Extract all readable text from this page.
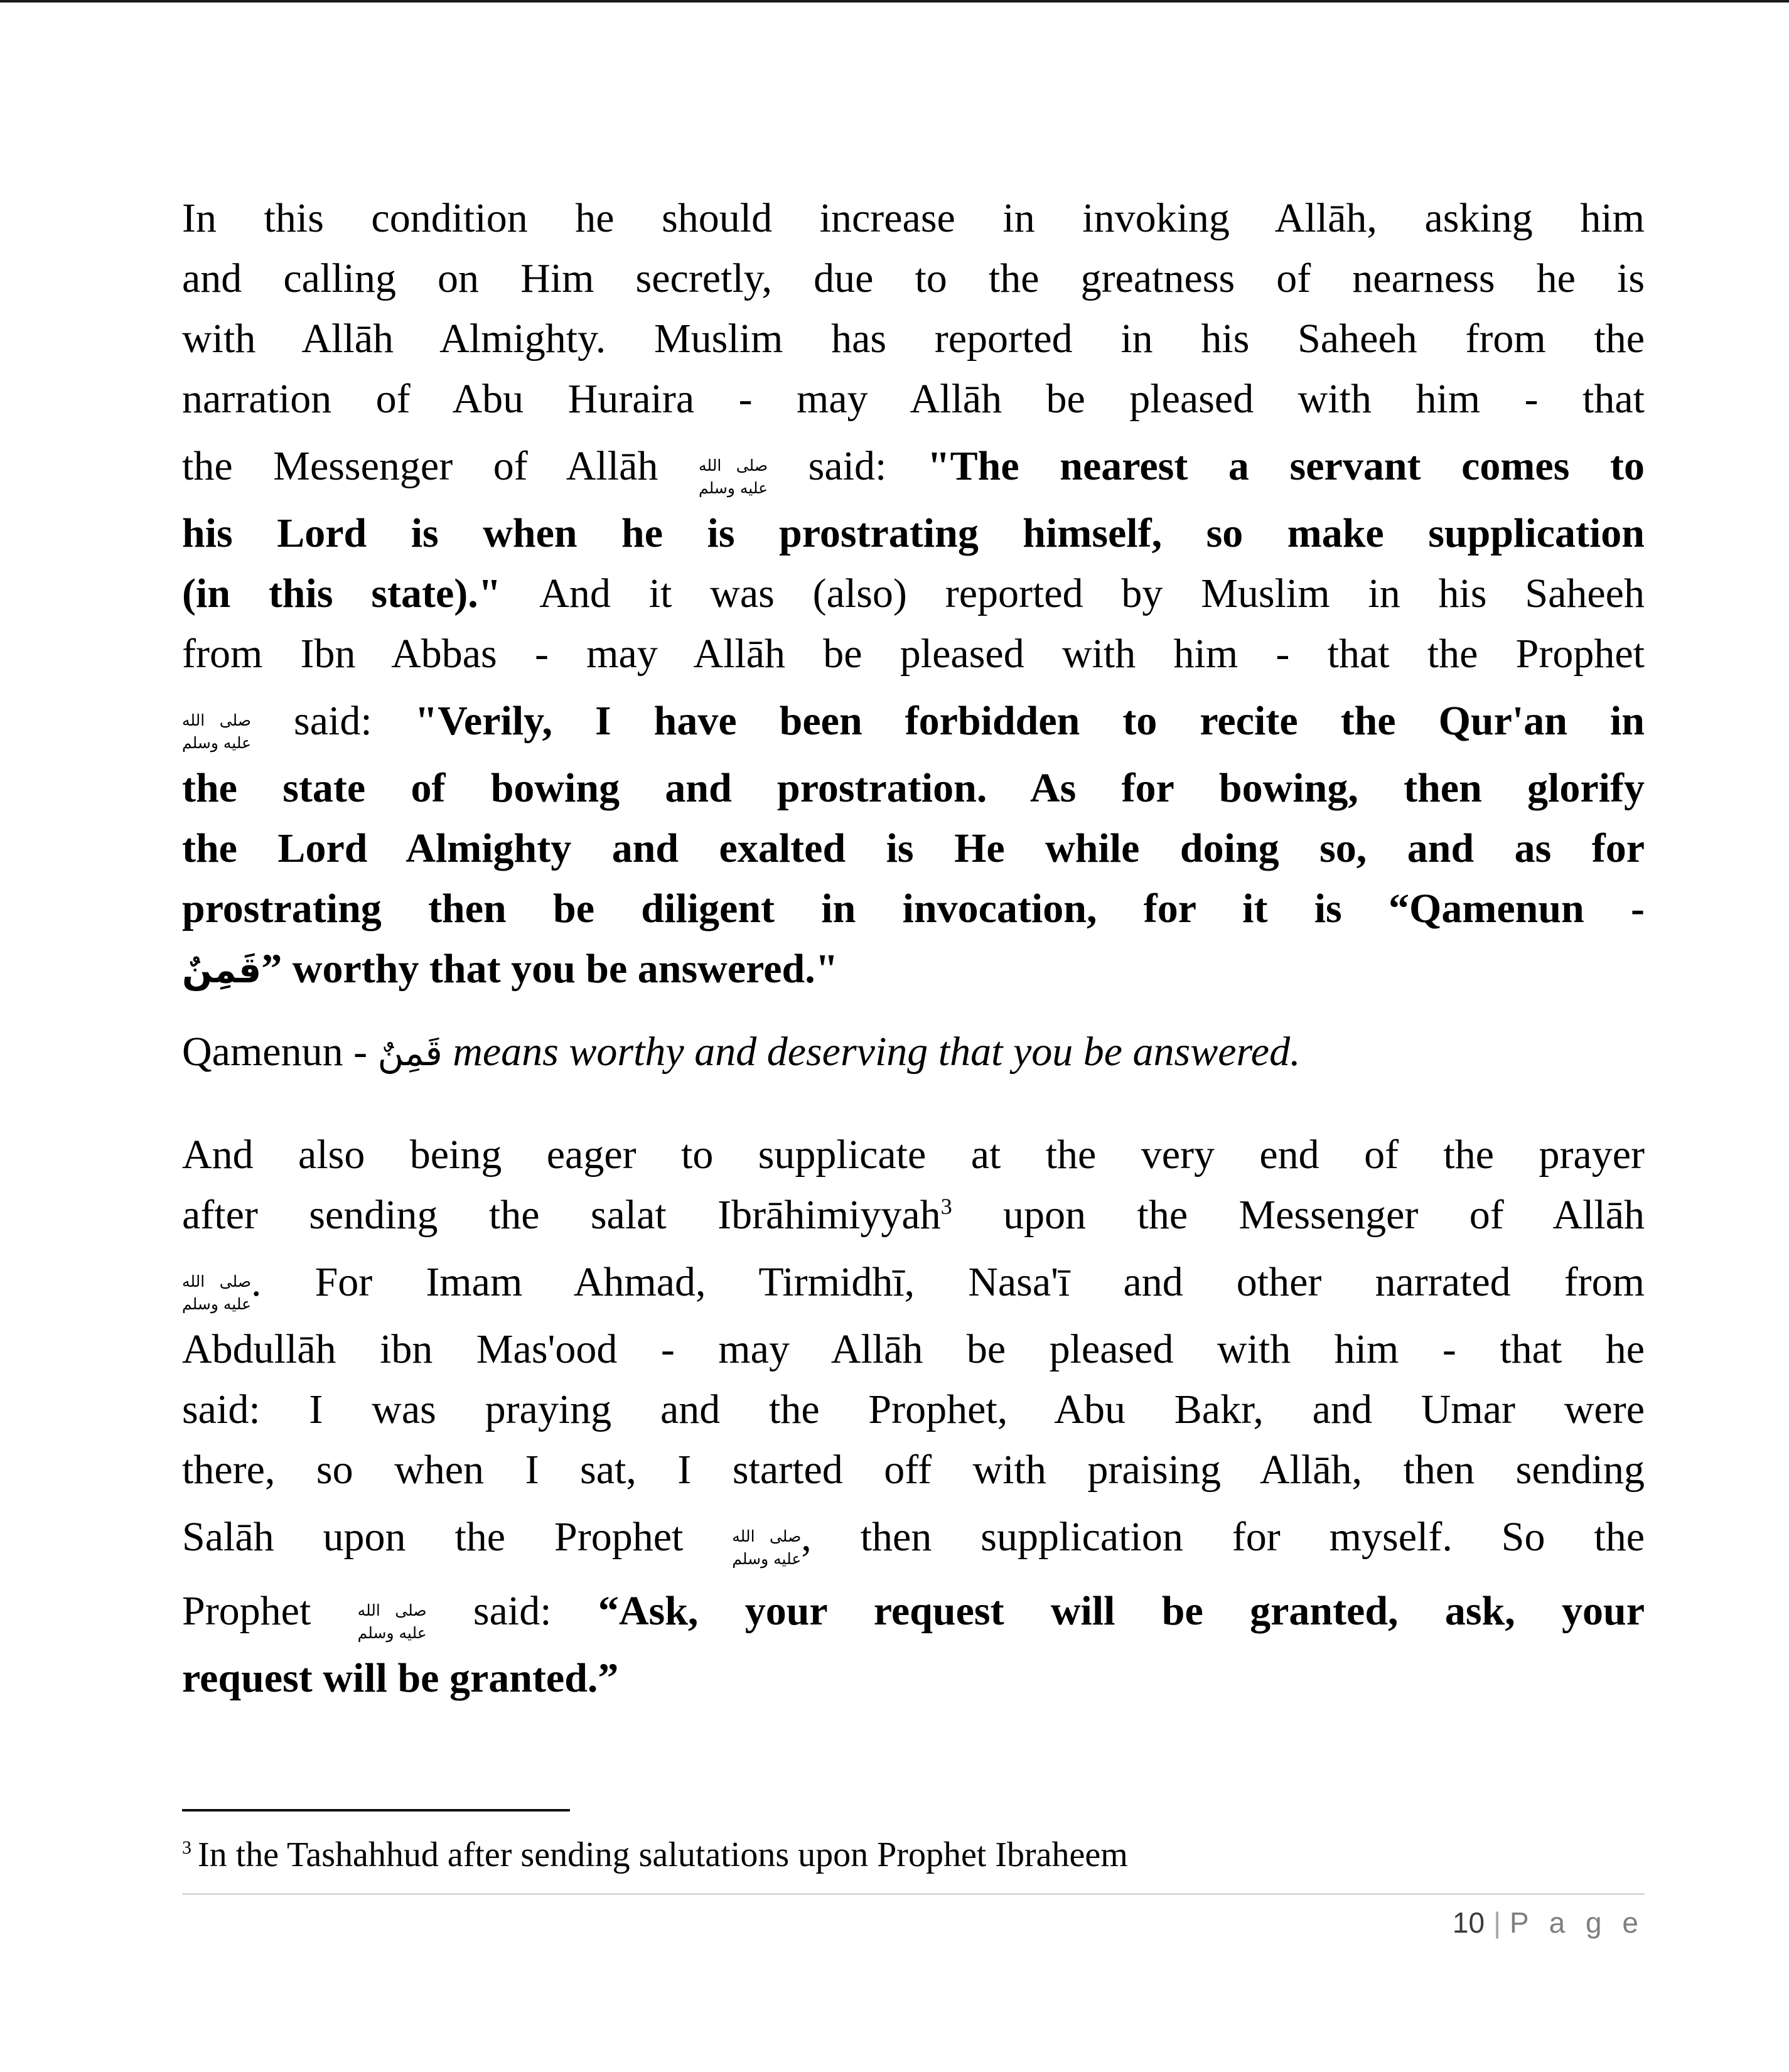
In this condition he should increase in invoking Allāh, asking him
and calling on Him secretly, due to the greatness of nearness he is
with Allāh Almighty. Muslim has reported in his Saheeh from the
narration of Abu Huraira - may Allāh be pleased with him - that
the Messenger of Allāh صلى الله
عليه وسلم said: "The nearest a servant comes to
his Lord is when he is prostrating himself, so make supplication
(in this state)." And it was (also) reported by Muslim in his Saheeh
from Ibn Abbas - may Allāh be pleased with him - that the Prophet
صلى الله
عليه وسلم said: "Verily, I have been forbidden to recite the Qur'an in
the state of bowing and prostration. As for bowing, then glorify
the Lord Almighty and exalted is He while doing so, and as for
prostrating then be diligent in invocation, for it is “Qamenun -
قَمِنٌ” worthy that you be answered."
Qamenun - قَمِنٌ means worthy and deserving that you be answered.
And also being eager to supplicate at the very end of the prayer
after sending the salat Ibrāhimiyyah$^3$ upon the Messenger of Allāh
صلى الله
عليه وسلم . For Imam Ahmad, Tirmidhī, Nasa'ī and other narrated from
Abdullāh ibn Mas'ood - may Allāh be pleased with him - that he
said: I was praying and the Prophet, Abu Bakr, and Umar were
there, so when I sat, I started off with praising Allāh, then sending
Salāh upon the Prophet صلى الله
عليه وسلم , then supplication for myself. So the
Prophet صلى الله
عليه وسلم said: “Ask, your request will be granted, ask, your
request will be granted.”
$^3$ In the Tashahhud after sending salutations upon Prophet Ibraheem
10 | P a g e
